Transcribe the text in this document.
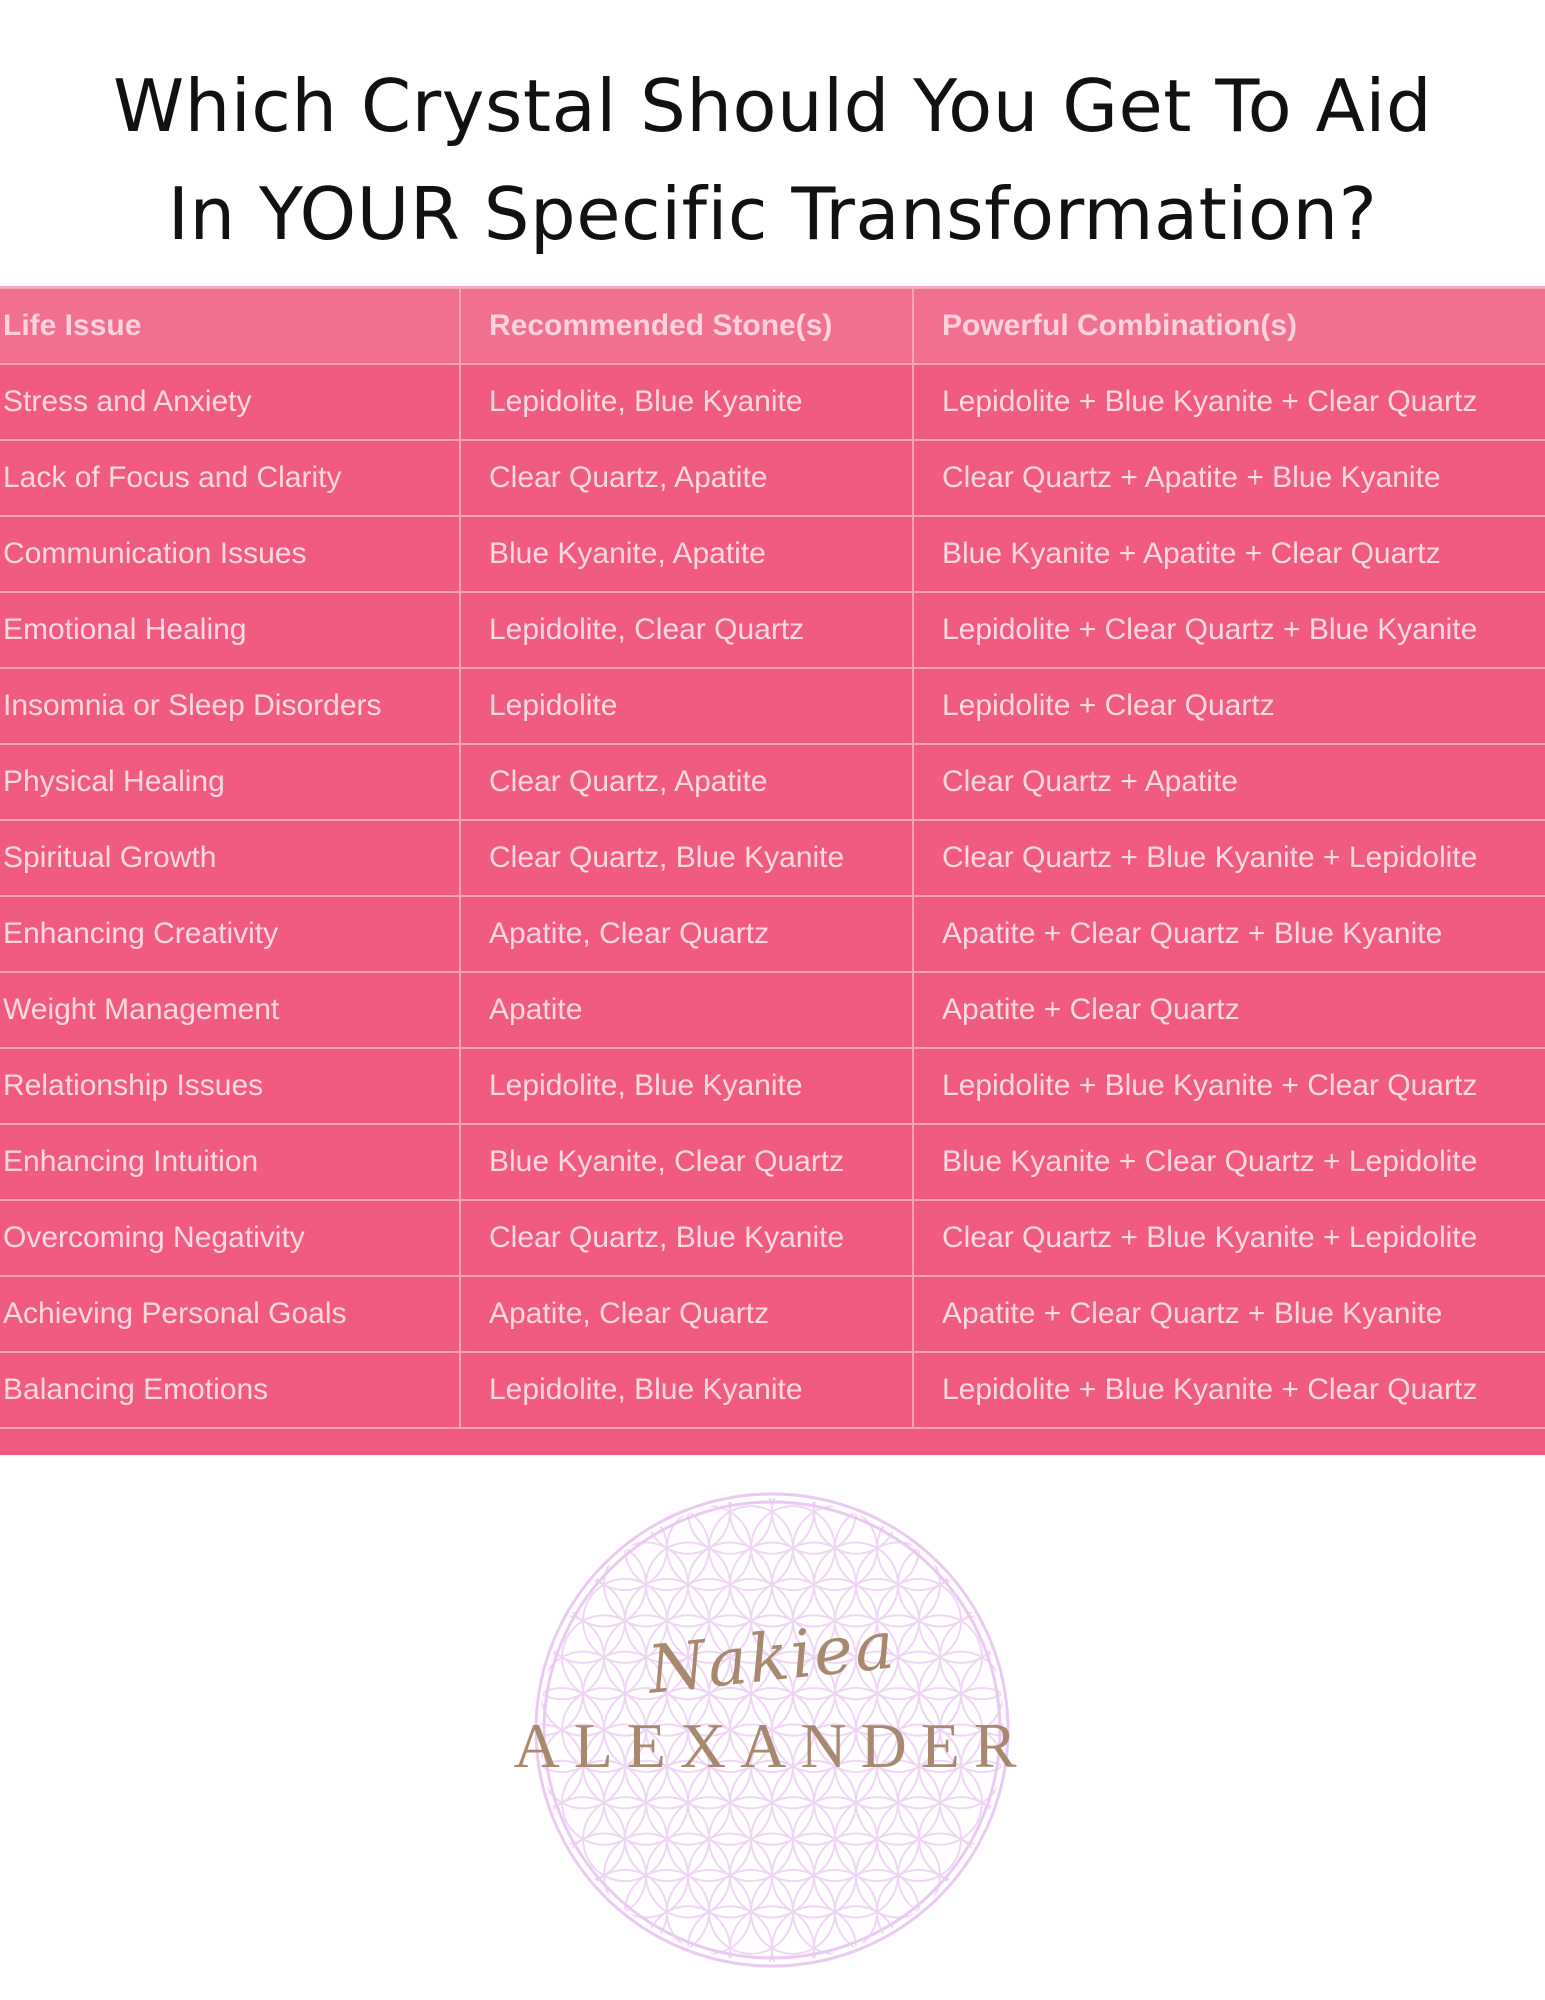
Which Crystal Should You Get To Aid
In YOUR Specific Transformation?
Life Issue	Recommended Stone(s)	Powerful Combination(s)
Stress and Anxiety	Lepidolite, Blue Kyanite	Lepidolite + Blue Kyanite + Clear Quartz
Lack of Focus and Clarity	Clear Quartz, Apatite	Clear Quartz + Apatite + Blue Kyanite
Communication Issues	Blue Kyanite, Apatite	Blue Kyanite + Apatite + Clear Quartz
Emotional Healing	Lepidolite, Clear Quartz	Lepidolite + Clear Quartz + Blue Kyanite
Insomnia or Sleep Disorders	Lepidolite	Lepidolite + Clear Quartz
Physical Healing	Clear Quartz, Apatite	Clear Quartz + Apatite
Spiritual Growth	Clear Quartz, Blue Kyanite	Clear Quartz + Blue Kyanite + Lepidolite
Enhancing Creativity	Apatite, Clear Quartz	Apatite + Clear Quartz + Blue Kyanite
Weight Management	Apatite	Apatite + Clear Quartz
Relationship Issues	Lepidolite, Blue Kyanite	Lepidolite + Blue Kyanite + Clear Quartz
Enhancing Intuition	Blue Kyanite, Clear Quartz	Blue Kyanite + Clear Quartz + Lepidolite
Overcoming Negativity	Clear Quartz, Blue Kyanite	Clear Quartz + Blue Kyanite + Lepidolite
Achieving Personal Goals	Apatite, Clear Quartz	Apatite + Clear Quartz + Blue Kyanite
Balancing Emotions	Lepidolite, Blue Kyanite	Lepidolite + Blue Kyanite + Clear Quartz
Nakiea
ALEXANDER
